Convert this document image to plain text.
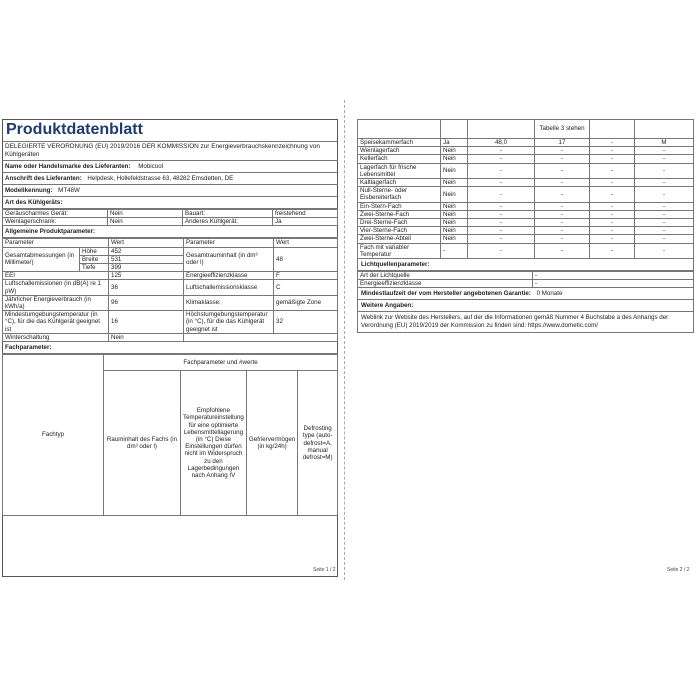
Produktdatenblatt
DELEGIERTE VERORDNUNG (EU) 2019/2016 DER KOMMISSION zur Energieverbrauchskennzeichnung von Kühlgeräten
Name oder Handelsmarke des Lieferanten: Mobicool
Anschrift des Lieferanten: Helpdesk, Hollefeldstrasse 63, 48282 Emsdetten, DE
Modellkennung: MT48W
Art des Kühlgeräts:
Geräuscharmes Gerät:	Nein	Bauart:	freistehend
Weinlagerschrank:	Nein	Anderes Kühlgerät:	Ja
Allgemeine Produktparameter:
Parameter		Wert	Parameter	Wert
Gesamtabmessungen (in Millimeter)	Höhe	452	Gesamtrauminhalt (in dm³ oder l)	48
	Breite	531		
	Tiefe	399		
EEI		125	Energieeffizienzklasse	F
Luftschallemissionen (in dB(A) re 1 pW)		36	Luftschallemissionsklasse	C
Jährlicher Energieverbrauch (in kWh/a)		96	Klimaklasse:	gemäßigte Zone
Mindestumgebungstemperatur (in °C), für die das Kühlgerät geeignet ist		16	Höchstumgebungstemperatur (in °C), für die das Kühlgerät geeignet ist	32
Winterschaltung		Nein		
Fachparameter:
Fachtyp	Fachparameter und #werte			
	Rauminhalt des Fachs (in dm³ oder l)	Empfohlene Temperatureinstellung für eine optimierte Lebensmittellagerung (in °C) Diese Einstellungen dürfen nicht im Widerspruch zu den Lagerbedingungen nach Anhang IV	Gefriervermögen (in kg/24h)	Defrosting type (auto-defrost=A, manual defrost=M)
Seite 1 / 2
			Tabelle 3 stehen		
Speisekammerfach	Ja	48,0	17	-	M
Weinlagerfach	Nein	-	-	-	-
Kellerfach	Nein	-	-	-	-
Lagerfach für frische Lebensmittel	Nein	-	-	-	-
Kaltlagerfach	Nein	-	-	-	-
Null-Sterne- oder Eisbereiterfach	Nein	-	-	-	-
Ein-Stern-Fach	Nein	-	-	-	-
Zwei-Sterne-Fach	Nein	-	-	-	-
Drei-Sterne-Fach	Nein	-	-	-	-
Vier-Sterne-Fach	Nein	-	-	-	-
Zwei-Sterne-Abteil	Nein	-	-	-	-
Fach mit variabler Temperatur	-	-	-	-	-
Lichtquellenparameter:
Art der Lichtquelle	-
Energieeffizienzklasse	-
Mindestlaufzeit der vom Hersteller angebotenen Garantie: 0 Monate
Weitere Angaben:
Weblink zur Website des Herstellers, auf der die Informationen gemäß Nummer 4 Buchstabe a des Anhangs der Verordnung (EU) 2019/2019 der Kommission zu finden sind: https://www.dometic.com/
Seite 2 / 2
